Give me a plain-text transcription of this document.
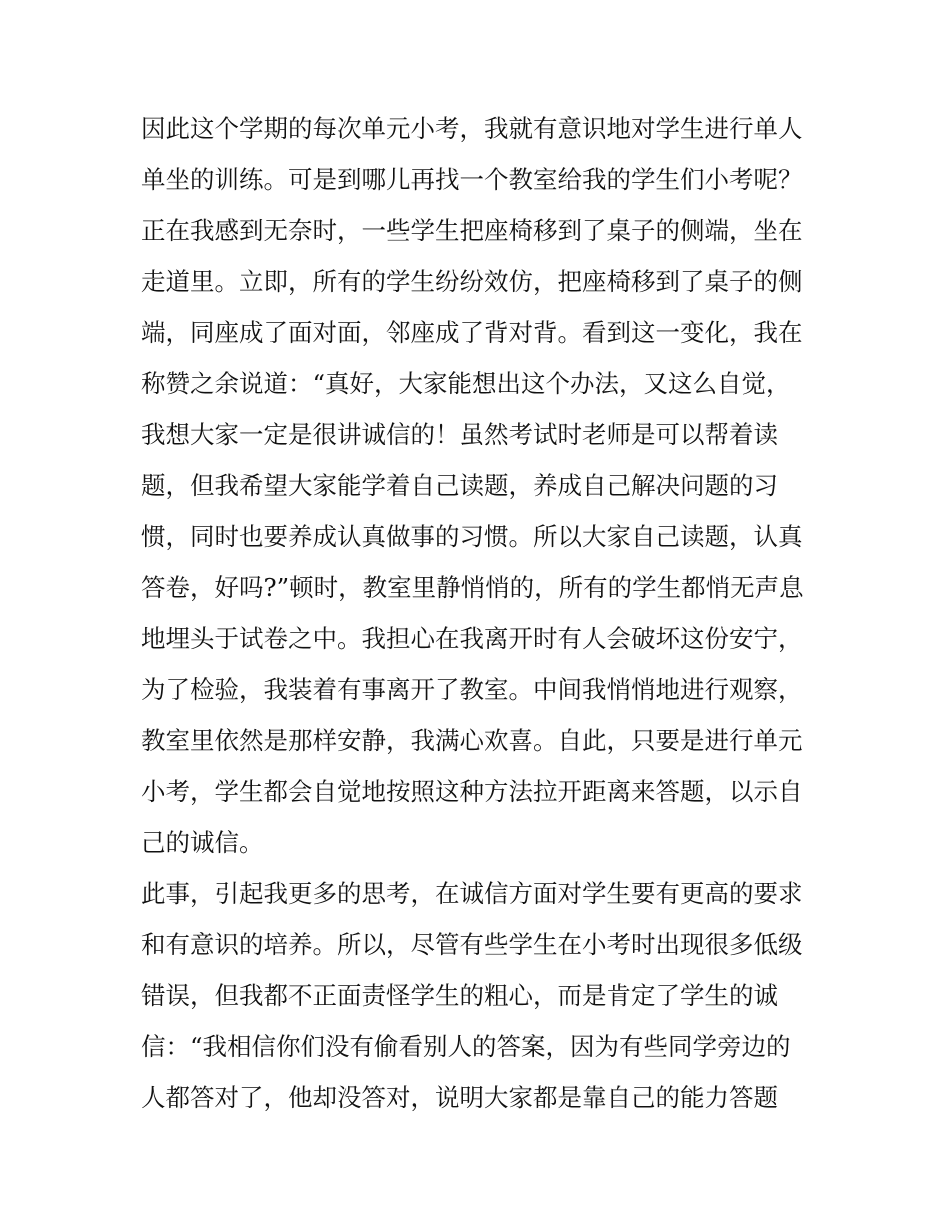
因此这个学期的每次单元小考，我就有意识地对学生进行单人
单坐的训练。可是到哪儿再找一个教室给我的学生们小考呢？
正在我感到无奈时，一些学生把座椅移到了桌子的侧端，坐在
走道里。立即，所有的学生纷纷效仿，把座椅移到了桌子的侧
端，同座成了面对面，邻座成了背对背。看到这一变化，我在
称赞之余说道：“真好，大家能想出这个办法，又这么自觉，
我想大家一定是很讲诚信的！虽然考试时老师是可以帮着读
题，但我希望大家能学着自己读题，养成自己解决问题的习
惯，同时也要养成认真做事的习惯。所以大家自己读题，认真
答卷，好吗?”顿时，教室里静悄悄的，所有的学生都悄无声息
地埋头于试卷之中。我担心在我离开时有人会破坏这份安宁，
为了检验，我装着有事离开了教室。中间我悄悄地进行观察，
教室里依然是那样安静，我满心欢喜。自此，只要是进行单元
小考，学生都会自觉地按照这种方法拉开距离来答题，以示自
己的诚信。
此事，引起我更多的思考，在诚信方面对学生要有更高的要求
和有意识的培养。所以，尽管有些学生在小考时出现很多低级
错误，但我都不正面责怪学生的粗心，而是肯定了学生的诚
信：“我相信你们没有偷看别人的答案，因为有些同学旁边的
人都答对了，他却没答对，说明大家都是靠自己的能力答题
